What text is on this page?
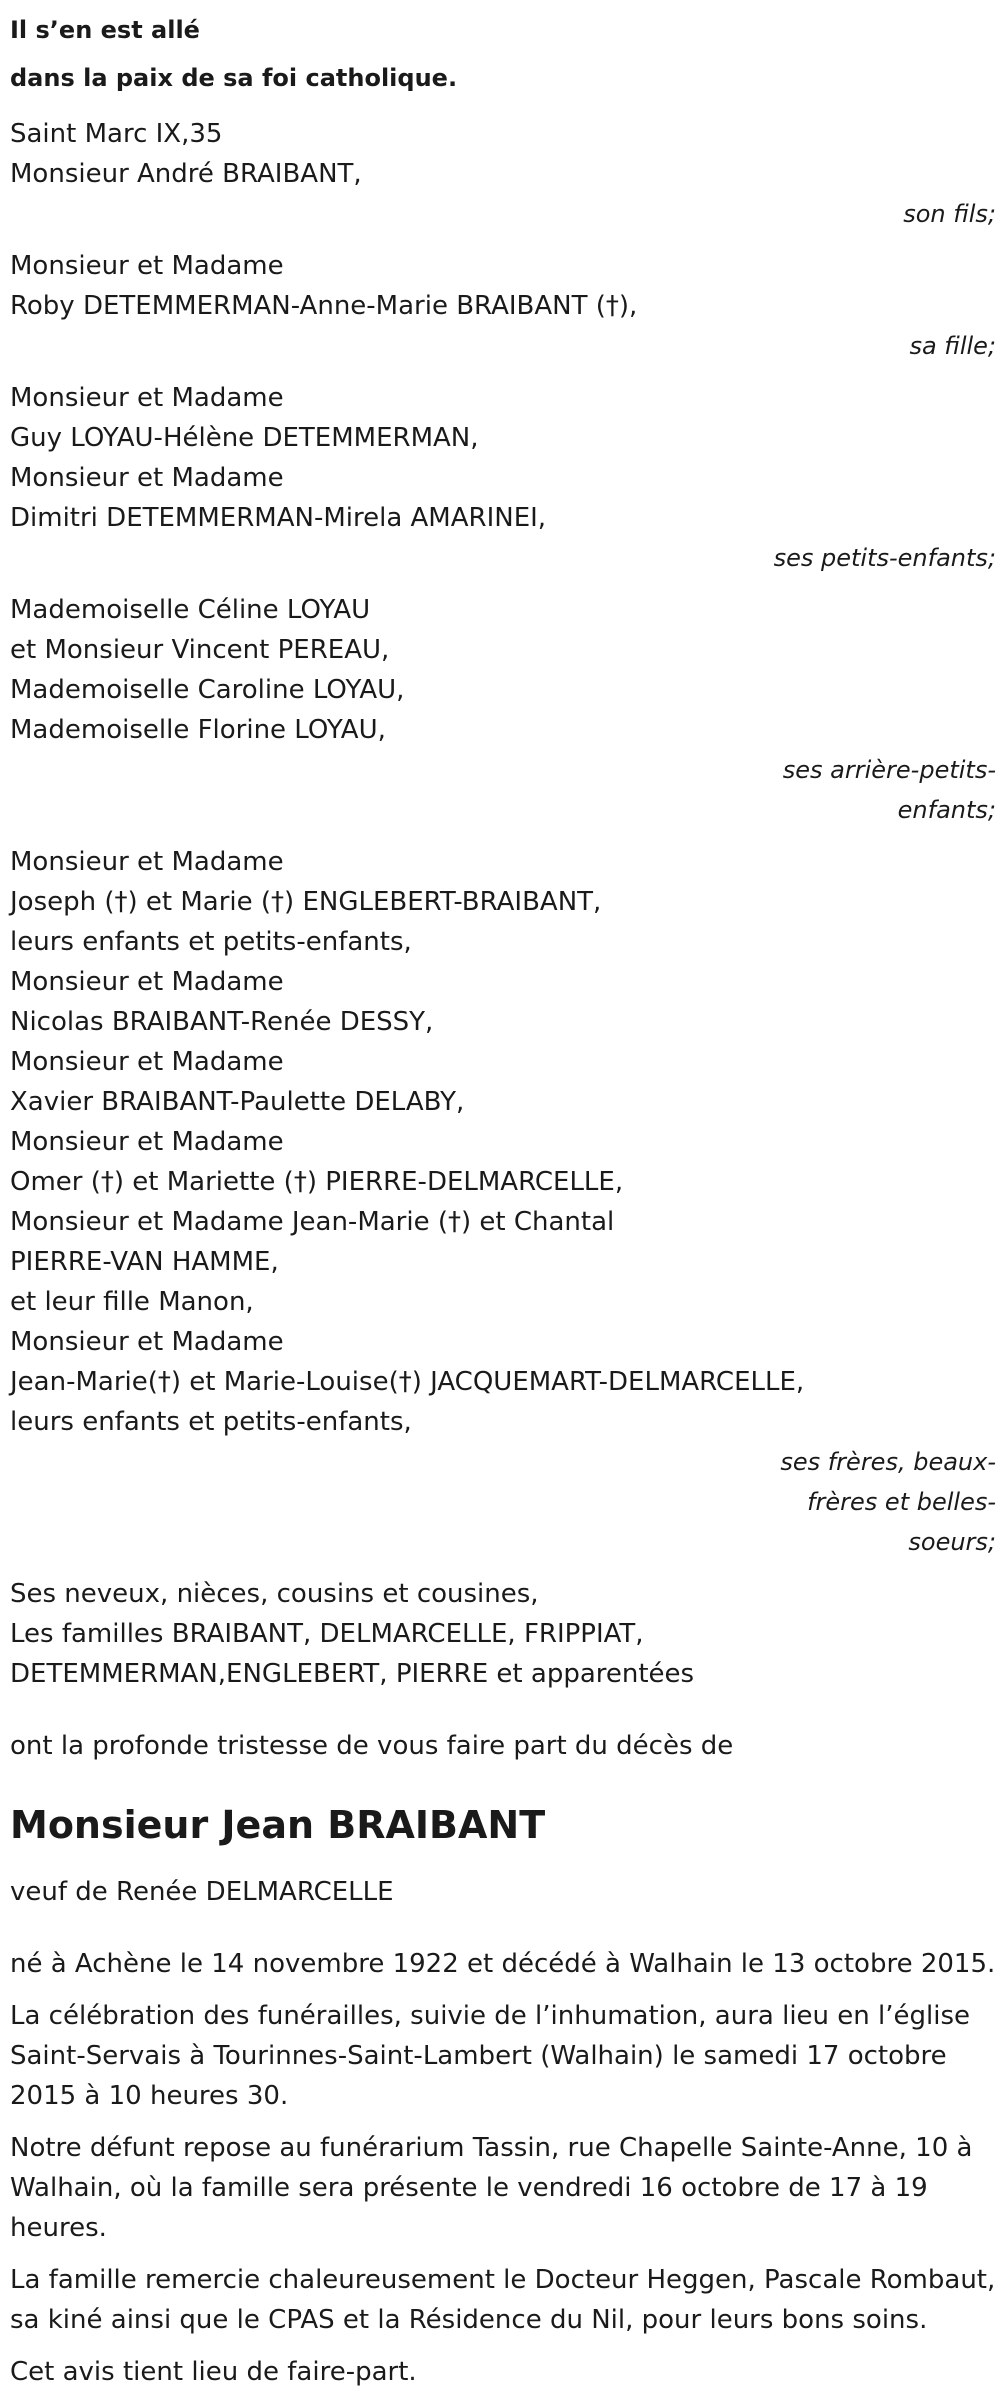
Il s’en est allé

dans la paix de sa foi catholique.

Saint Marc IX,35

Monsieur André BRAIBANT,

son fils;

Monsieur et Madame

Roby DETEMMERMAN-Anne-Marie BRAIBANT (†),

sa fille;

Monsieur et Madame

Guy LOYAU-Hélène DETEMMERMAN,

Monsieur et Madame

Dimitri DETEMMERMAN-Mirela AMARINEI,

ses petits-enfants;

Mademoiselle Céline LOYAU

et Monsieur Vincent PEREAU,

Mademoiselle Caroline LOYAU,

Mademoiselle Florine LOYAU,

ses arrière-petits-

enfants;

Monsieur et Madame

Joseph (†) et Marie (†) ENGLEBERT-BRAIBANT,

leurs enfants et petits-enfants,

Monsieur et Madame

Nicolas BRAIBANT-Renée DESSY,

Monsieur et Madame

Xavier BRAIBANT-Paulette DELABY,

Monsieur et Madame

Omer (†) et Mariette (†) PIERRE-DELMARCELLE,

Monsieur et Madame Jean-Marie (†) et Chantal

PIERRE-VAN HAMME,

et leur fille Manon,

Monsieur et Madame

Jean-Marie(†) et Marie-Louise(†) JACQUEMART-DELMARCELLE,

leurs enfants et petits-enfants,

ses frères, beaux-

frères et belles-

soeurs;

Ses neveux, nièces, cousins et cousines,

Les familles BRAIBANT, DELMARCELLE, FRIPPIAT,

DETEMMERMAN,ENGLEBERT, PIERRE et apparentées

ont la profonde tristesse de vous faire part du décès de

Monsieur Jean BRAIBANT

veuf de Renée DELMARCELLE

né à Achène le 14 novembre 1922 et décédé à Walhain le 13 octobre 2015.

La célébration des funérailles, suivie de l’inhumation, aura lieu en l’église Saint-Servais à Tourinnes-Saint-Lambert (Walhain) le samedi 17 octobre 2015 à 10 heures 30.

Notre défunt repose au funérarium Tassin, rue Chapelle Sainte-Anne, 10 à Walhain, où la famille sera présente le vendredi 16 octobre de 17 à 19 heures.

La famille remercie chaleureusement le Docteur Heggen, Pascale Rombaut, sa kiné ainsi que le CPAS et la Résidence du Nil, pour leurs bons soins.

Cet avis tient lieu de faire-part.
